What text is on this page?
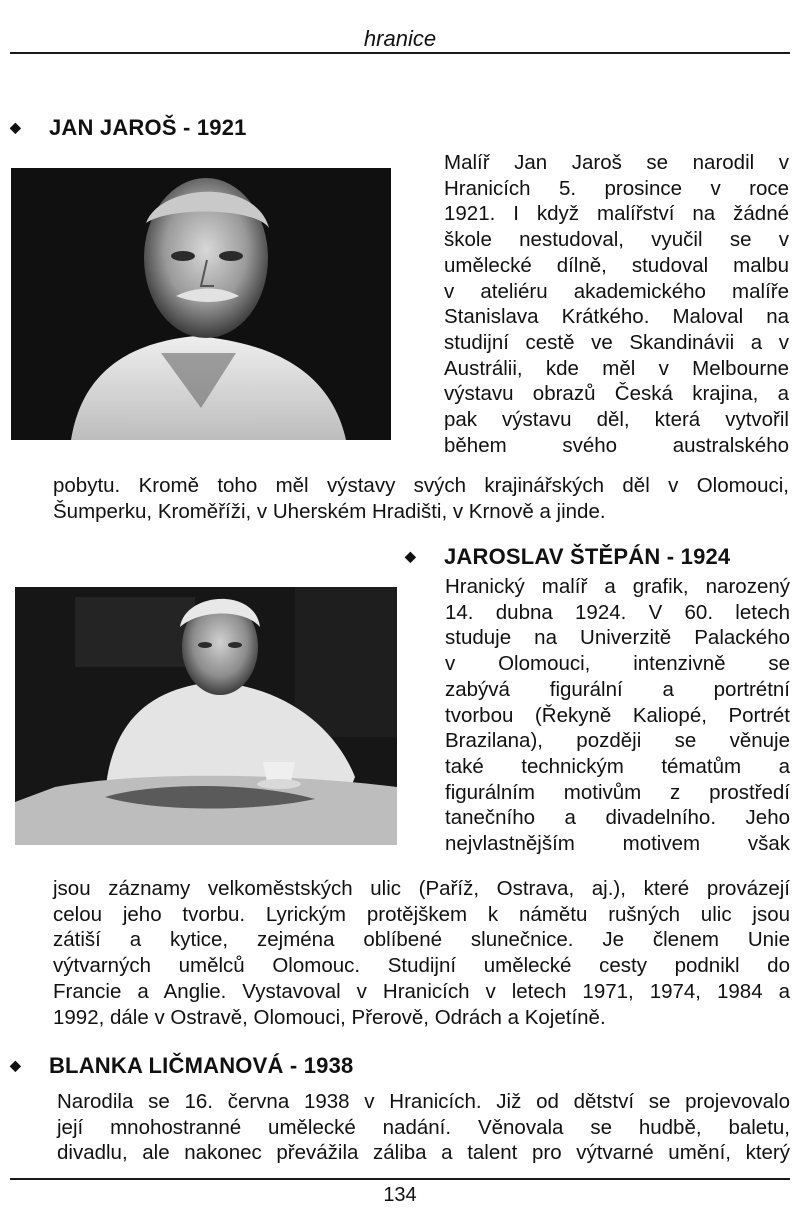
hranice
◆ JAN JAROŠ - 1921
Malíř Jan Jaroš se narodil v
Hranicích 5. prosince v roce
1921. I když malířství na žádné
škole nestudoval, vyučil se v
umělecké dílně, studoval malbu
v ateliéru akademického malíře
Stanislava Krátkého. Maloval na
studijní cestě ve Skandinávii a v
Austrálii, kde měl v Melbourne
výstavu obrazů Česká krajina, a
pak výstavu děl, která vytvořil
během svého australského
pobytu. Kromě toho měl výstavy svých krajinářských děl v Olomouci,
Šumperku, Kroměříži, v Uherském Hradišti, v Krnově a jinde.
◆ JAROSLAV ŠTĚPÁN - 1924
Hranický malíř a grafik, narozený
14. dubna 1924. V 60. letech
studuje na Univerzitě Palackého
v Olomouci, intenzivně se
zabývá figurální a portrétní
tvorbou (Řekyně Kaliopé, Portrét
Brazilana), později se věnuje
také technickým tématům a
figurálním motivům z prostředí
tanečního a divadelního. Jeho
nejvlastnějším motivem však
jsou záznamy velkoměstských ulic (Paříž, Ostrava, aj.), které provázejí
celou jeho tvorbu. Lyrickým protějškem k námětu rušných ulic jsou
zátiší a kytice, zejména oblíbené slunečnice. Je členem Unie
výtvarných umělců Olomouc. Studijní umělecké cesty podnikl do
Francie a Anglie. Vystavoval v Hranicích v letech 1971, 1974, 1984 a
1992, dále v Ostravě, Olomouci, Přerově, Odrách a Kojetíně.
◆ BLANKA LIČMANOVÁ - 1938
Narodila se 16. června 1938 v Hranicích. Již od dětství se projevovalo
její mnohostranné umělecké nadání. Věnovala se hudbě, baletu,
divadlu, ale nakonec převážila záliba a talent pro výtvarné umění, který
134
